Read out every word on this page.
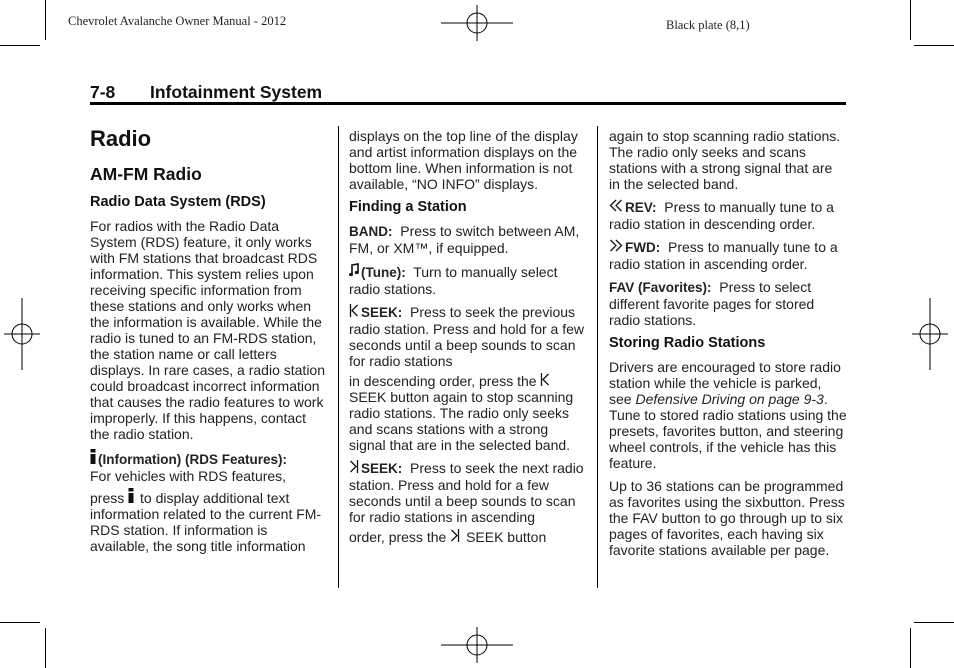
Chevrolet Avalanche Owner Manual - 2012	Black plate (8,1)
7-8 Infotainment System
Radio
AM-FM Radio
Radio Data System (RDS)

For radios with the Radio Data System (RDS) feature, it only works with FM stations that broadcast RDS information. This system relies upon receiving specific information from these stations and only works when the information is available. While the radio is tuned to an FM-RDS station, the station name or call letters displays. In rare cases, a radio station could broadcast incorrect information that causes the radio features to work improperly. If this happens, contact the radio station.

(Information) (RDS Features):
For vehicles with RDS features,

press to display additional text information related to the current FM-RDS station. If information is available, the song title information

displays on the top line of the display and artist information displays on the bottom line. When information is not available, “NO INFO” displays.

Finding a Station

BAND: Press to switch between AM, FM, or XM™, if equipped.

(Tune): Turn to manually select radio stations.

SEEK: Press to seek the previous radio station. Press and hold for a few seconds until a beep sounds to scan for radio stations

in descending order, press the  SEEK button again to stop scanning radio stations. The radio only seeks and scans stations with a strong signal that are in the selected band.

SEEK: Press to seek the next radio station. Press and hold for a few seconds until a beep sounds to scan for radio stations in ascending

order, press the SEEK button

again to stop scanning radio stations. The radio only seeks and scans stations with a strong signal that are in the selected band.

REV: Press to manually tune to a radio station in descending order.

FWD: Press to manually tune to a radio station in ascending order.

FAV (Favorites): Press to select different favorite pages for stored radio stations.

Storing Radio Stations

Drivers are encouraged to store radio station while the vehicle is parked, see Defensive Driving on page 9-3. Tune to stored radio stations using the presets, favorites button, and steering wheel controls, if the vehicle has this feature.

Up to 36 stations can be programmed as favorites using the sixbutton. Press the FAV button to go through up to six pages of favorites, each having six favorite stations available per page.
